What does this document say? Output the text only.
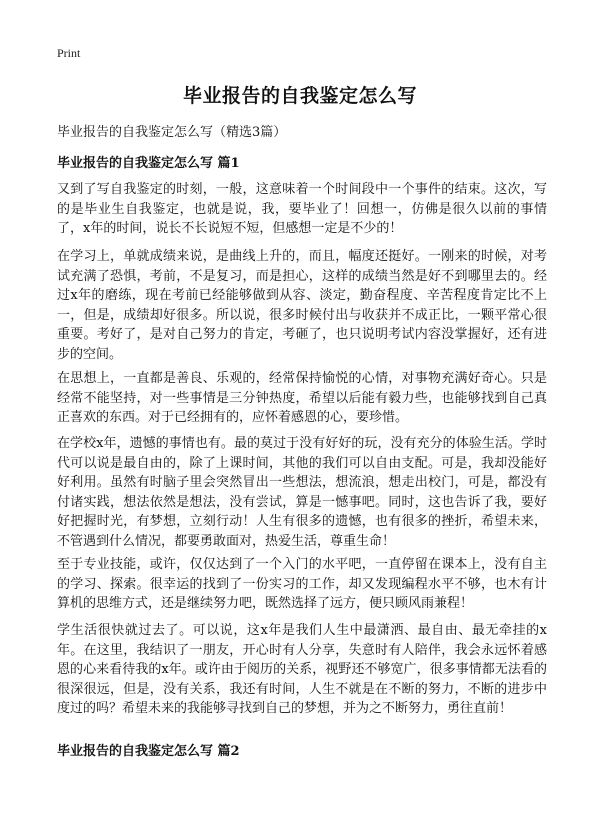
Print
毕业报告的自我鉴定怎么写
毕业报告的自我鉴定怎么写（精选3篇）
毕业报告的自我鉴定怎么写 篇1
又到了写自我鉴定的时刻，一般，这意味着一个时间段中一个事件的结束。这次，写的是毕业生自我鉴定，也就是说，我，要毕业了！回想一，仿佛是很久以前的事情了，x年的时间，说长不长说短不短，但感想一定是不少的！
在学习上，单就成绩来说，是曲线上升的，而且，幅度还挺好。一刚来的时候，对考试充满了恐惧，考前，不是复习，而是担心，这样的成绩当然是好不到哪里去的。经过x年的磨练，现在考前已经能够做到从容、淡定，勤奋程度、辛苦程度肯定比不上一，但是，成绩却好很多。所以说，很多时候付出与收获并不成正比，一颗平常心很重要。考好了，是对自己努力的肯定，考砸了，也只说明考试内容没掌握好，还有进步的空间。
在思想上，一直都是善良、乐观的，经常保持愉悦的心情，对事物充满好奇心。只是经常不能坚持，对一些事情是三分钟热度，希望以后能有毅力些，也能够找到自己真正喜欢的东西。对于已经拥有的，应怀着感恩的心，要珍惜。
在学校x年，遗憾的事情也有。最的莫过于没有好好的玩，没有充分的体验生活。学时代可以说是最自由的，除了上课时间，其他的我们可以自由支配。可是，我却没能好好利用。虽然有时脑子里会突然冒出一些想法，想流浪，想走出校门，可是，都没有付诸实践，想法依然是想法，没有尝试，算是一憾事吧。同时，这也告诉了我，要好好把握时光，有梦想，立刻行动！人生有很多的遗憾，也有很多的挫折，希望未来，不管遇到什么情况，都要勇敢面对，热爱生活，尊重生命！
至于专业技能，或许，仅仅达到了一个入门的水平吧，一直停留在课本上，没有自主的学习、探索。很幸运的找到了一份实习的工作，却又发现编程水平不够，也木有计算机的思维方式，还是继续努力吧，既然选择了远方，便只顾风雨兼程！
学生活很快就过去了。可以说，这x年是我们人生中最潇洒、最自由、最无牵挂的x年。在这里，我结识了一朋友，开心时有人分享，失意时有人陪伴，我会永远怀着感恩的心来看待我的x年。或许由于阅历的关系，视野还不够宽广，很多事情都无法看的很深很远，但是，没有关系，我还有时间，人生不就是在不断的努力，不断的进步中度过的吗？希望未来的我能够寻找到自己的梦想，并为之不断努力，勇往直前！
毕业报告的自我鉴定怎么写 篇2
